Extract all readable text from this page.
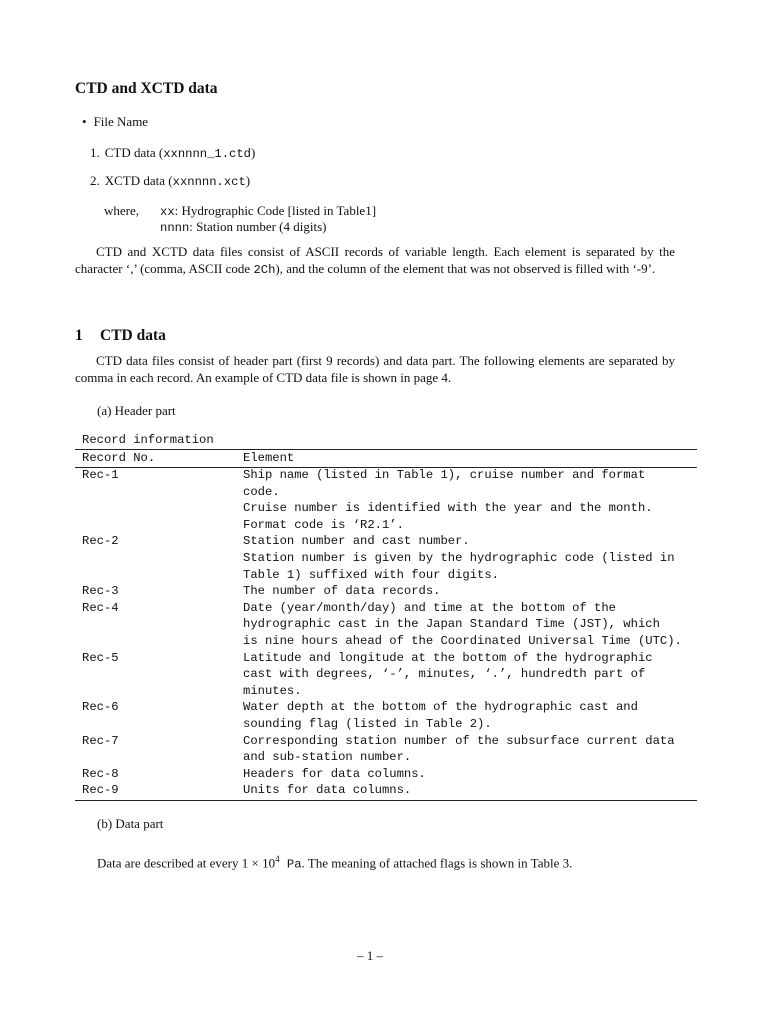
CTD and XCTD data
• File Name
1. CTD data (xxnnnn_1.ctd)
2. XCTD data (xxnnnn.xct)
where, xx: Hydrographic Code [listed in Table1]
nnnn: Station number (4 digits)
CTD and XCTD data files consist of ASCII records of variable length. Each element is separated by the character ‘,’ (comma, ASCII code 2Ch), and the column of the element that was not observed is filled with ‘-9’.
1 CTD data
CTD data files consist of header part (first 9 records) and data part. The following elements are separated by comma in each record. An example of CTD data file is shown in page 4.
(a) Header part
Record information
Record No.	Element
Rec-1	Ship name (listed in Table 1), cruise number and format
code.
Cruise number is identified with the year and the month.
Format code is ‘R2.1’.
Rec-2	Station number and cast number.
Station number is given by the hydrographic code (listed in
Table 1) suffixed with four digits.
Rec-3	The number of data records.
Rec-4	Date (year/month/day) and time at the bottom of the
hydrographic cast in the Japan Standard Time (JST), which
is nine hours ahead of the Coordinated Universal Time (UTC).
Rec-5	Latitude and longitude at the bottom of the hydrographic
cast with degrees, ‘-’, minutes, ‘.’, hundredth part of
minutes.
Rec-6	Water depth at the bottom of the hydrographic cast and
sounding flag (listed in Table 2).
Rec-7	Corresponding station number of the subsurface current data
and sub-station number.
Rec-8	Headers for data columns.
Rec-9	Units for data columns.
(b) Data part
Data are described at every $1 \times 10^4$ Pa. The meaning of attached flags is shown in Table 3.
– 1 –
